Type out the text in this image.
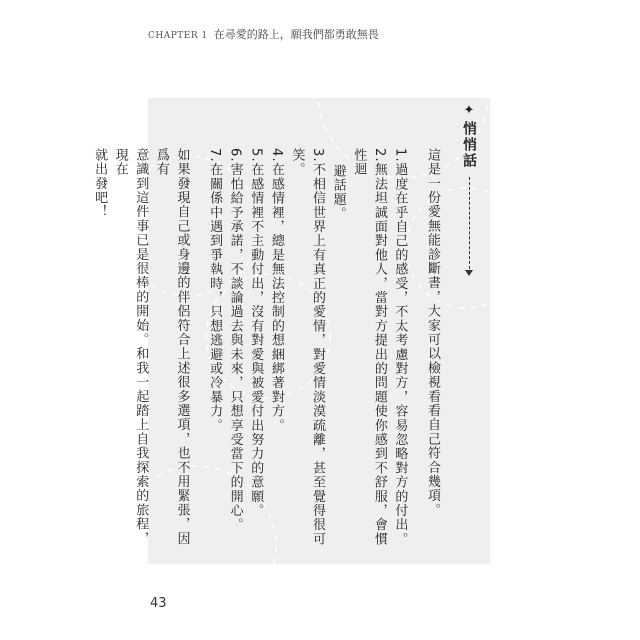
CHAPTER 1 在尋愛的路上，願我們都勇敢無畏
✦
悄悄話

這是一份愛無能診斷書，大家可以檢視看看自己符合幾項。

1.過度在乎自己的感受，不太考慮對方，容易忽略對方的付出。

2.無法坦誠面對他人，當對方提出的問題使你感到不舒服，會慣性迴

避話題。

3.不相信世界上有真正的愛情，對愛情淡漠疏離，甚至覺得很可笑。

4.在感情裡，總是無法控制的想綑綁著對方。

5.在感情裡不主動付出，沒有對愛與被愛付出努力的意願。

6.害怕給予承諾，不談論過去與未來，只想享受當下的開心。

7.在關係中遇到爭執時，只想逃避或冷暴力。

如果發現自己或身邊的伴侶符合上述很多選項，也不用緊張，因爲有

意識到這件事已是很棒的開始。和我一起踏上自我探索的旅程，現在

就出發吧！

43
